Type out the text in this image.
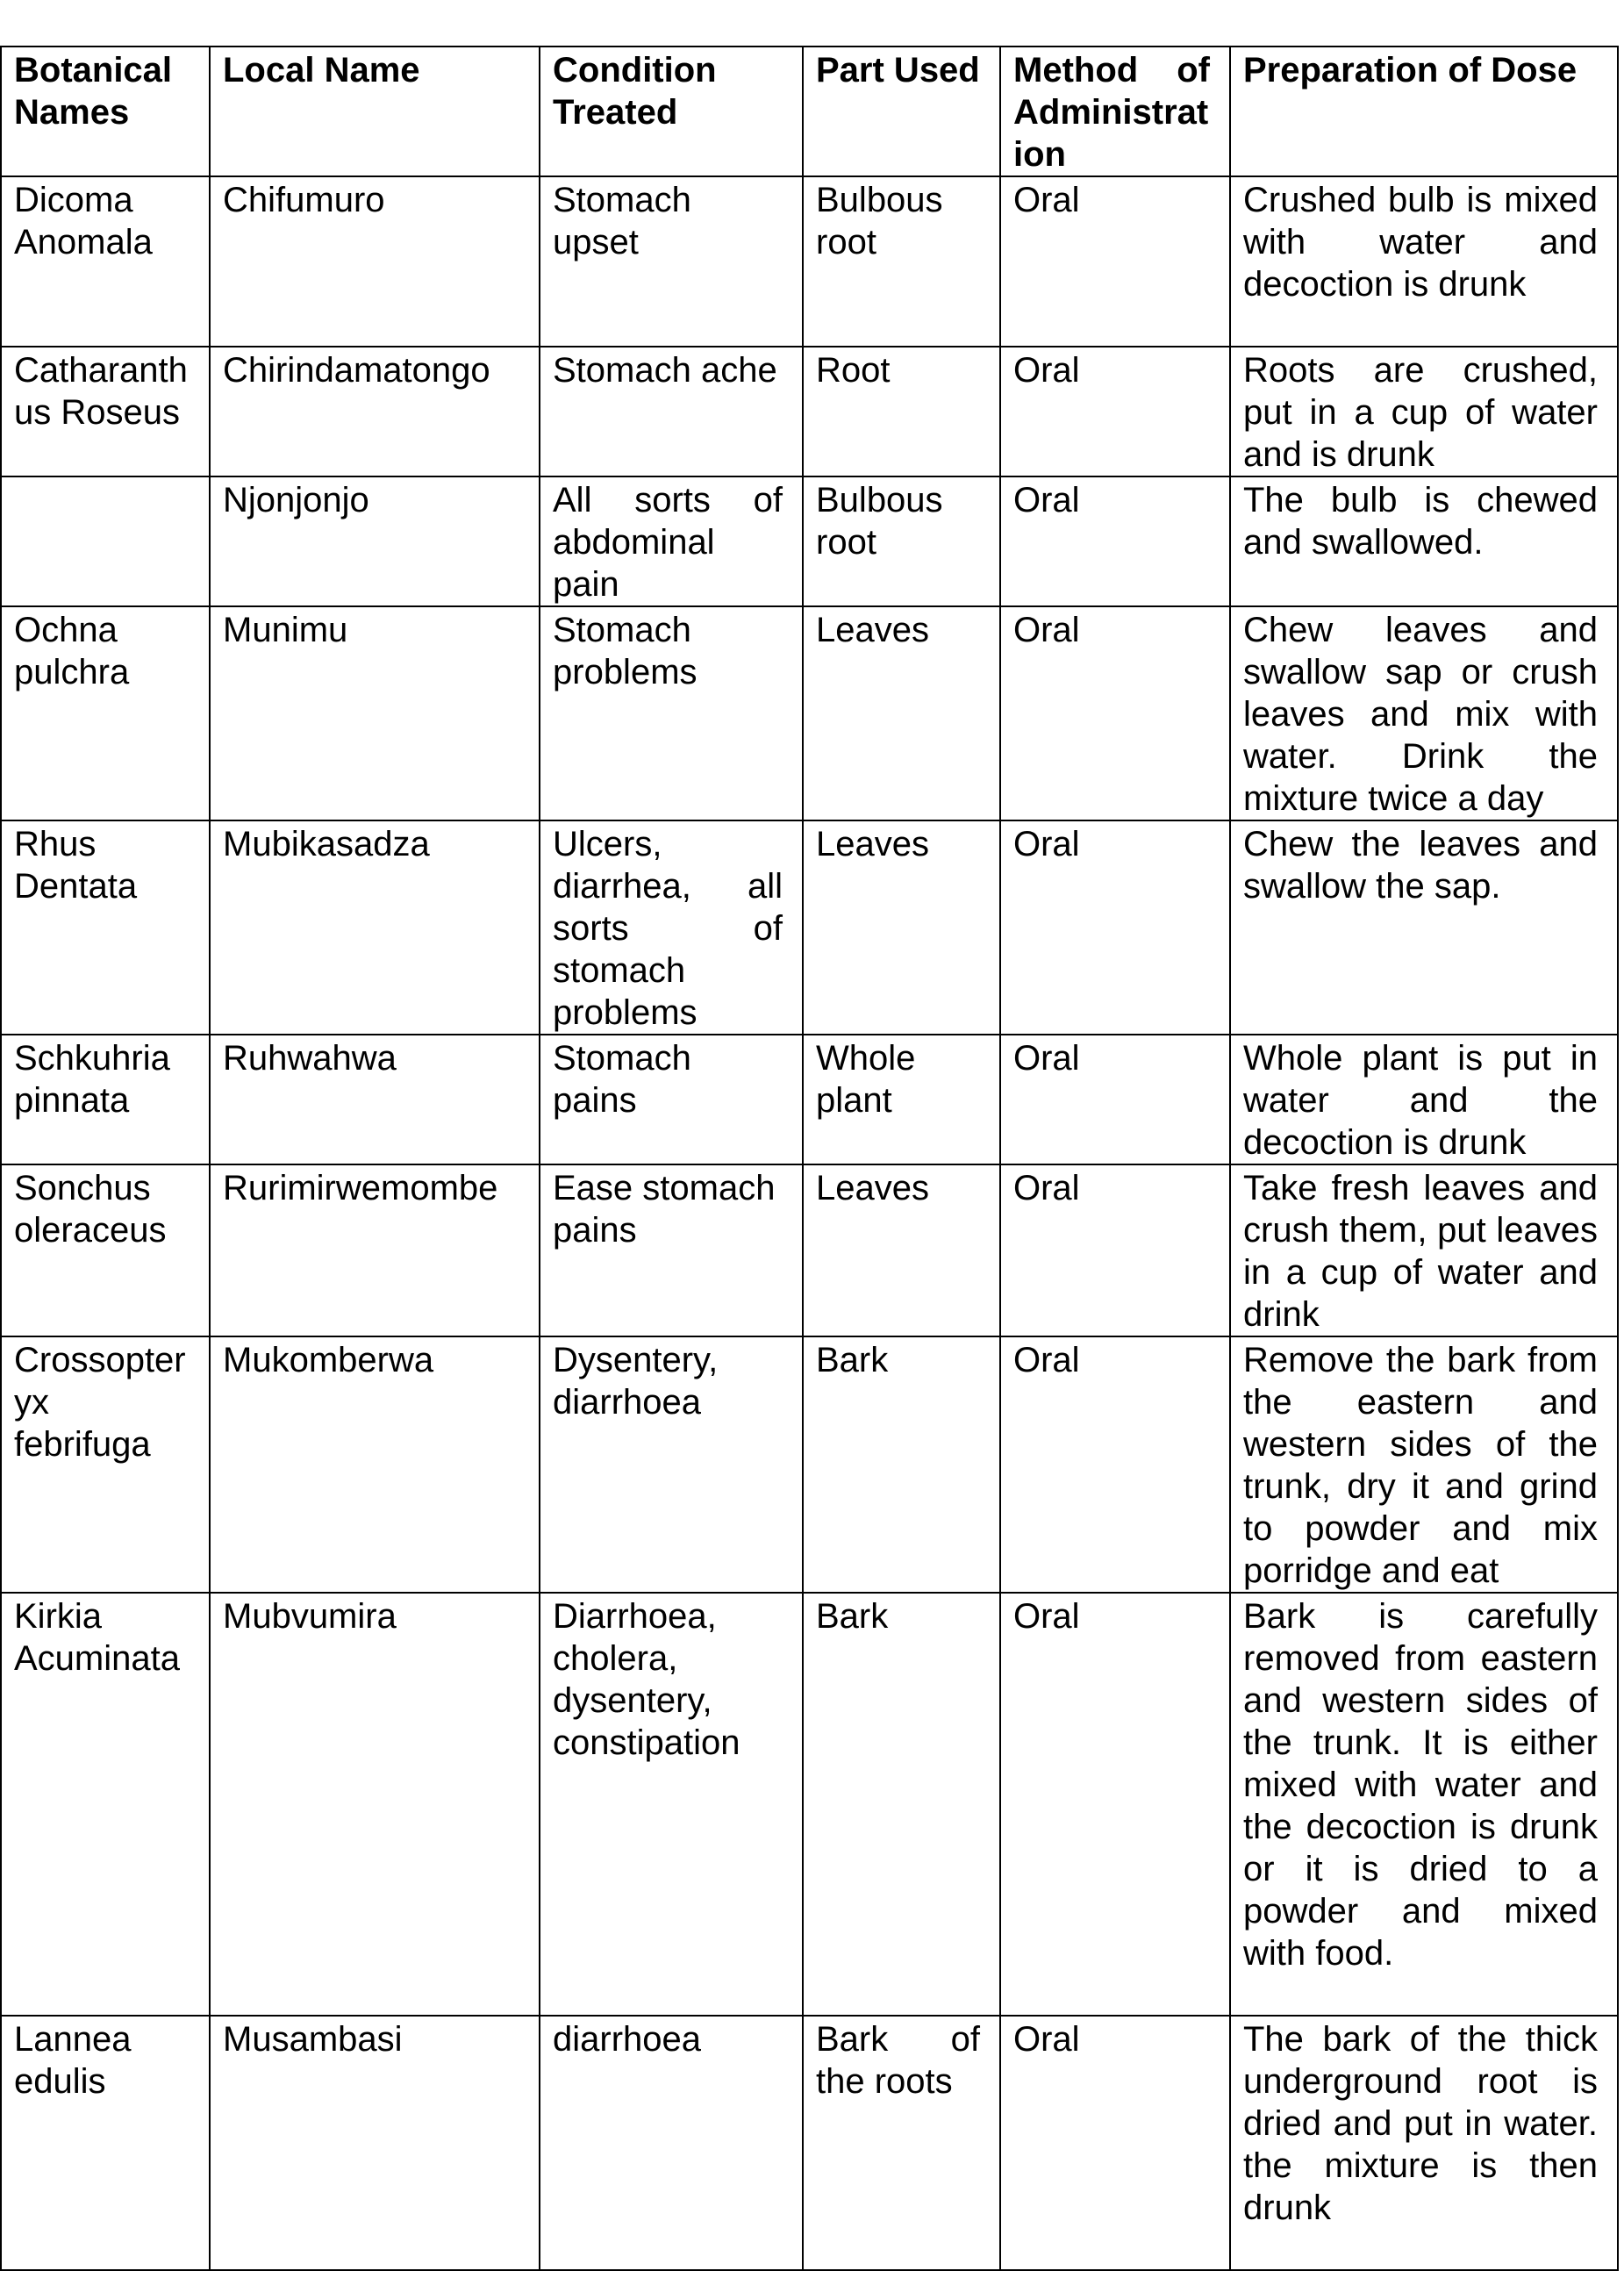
Botanical Names	Local Name	Condition Treated	Part Used	Method of Administration	Preparation of Dose
Dicoma Anomala	Chifumuro	Stomach upset	Bulbous root	Oral	Crushed bulb is mixed with water and decoction is drunk
Catharanthus Roseus	Chirindamatongo	Stomach ache	Root	Oral	Roots are crushed, put in a cup of water and is drunk
	Njonjonjo	All sorts of abdominal pain	Bulbous root	Oral	The bulb is chewed and swallowed.
Ochna pulchra	Munimu	Stomach problems	Leaves	Oral	Chew leaves and swallow sap or crush leaves and mix with water. Drink the mixture twice a day
Rhus Dentata	Mubikasadza	Ulcers, diarrhea, all sorts of stomach problems	Leaves	Oral	Chew the leaves and swallow the sap.
Schkuhria pinnata	Ruhwahwa	Stomach pains	Whole plant	Oral	Whole plant is put in water and the decoction is drunk
Sonchus oleraceus	Rurimirwemombe	Ease stomach pains	Leaves	Oral	Take fresh leaves and crush them, put leaves in a cup of water and drink
Crossopteryx febrifuga	Mukomberwa	Dysentery, diarrhoea	Bark	Oral	Remove the bark from the eastern and western sides of the trunk, dry it and grind to powder and mix porridge and eat
Kirkia Acuminata	Mubvumira	Diarrhoea, cholera, dysentery, constipation	Bark	Oral	Bark is carefully removed from eastern and western sides of the trunk. It is either mixed with water and the decoction is drunk or it is dried to a powder and mixed with food.
Lannea edulis	Musambasi	diarrhoea	Bark of the roots	Oral	The bark of the thick underground root is dried and put in water. the mixture is then drunk
